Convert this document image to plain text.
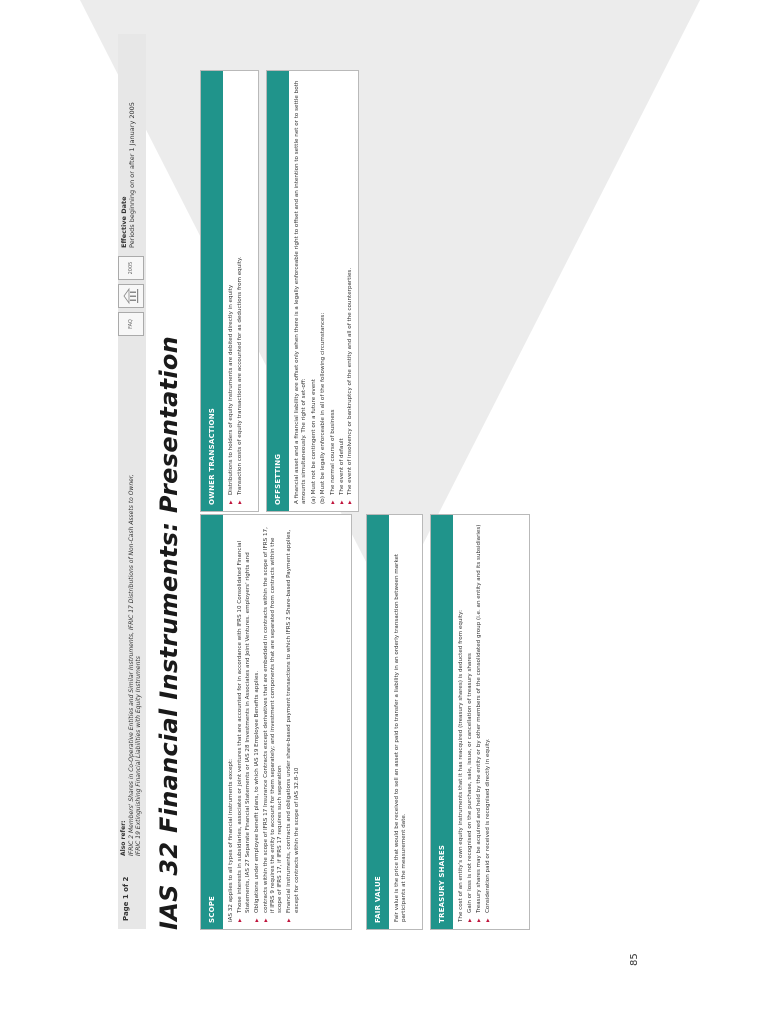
Page 1 of 2
Also refer: IFRIC 2 Members' Shares in Co-Operative Entities and Similar Instruments, IFRIC 17 Distributions of Non-Cash Assets to Owner, IFRIC 19 Extinguishing Financial Liabilities with Equity Instruments
FAQ
2005
Effective Date Periods beginning on or after 1 January 2005
IAS 32 Financial Instruments: Presentation	SCOPE	IAS 32 applies to all types of financial instruments except: ▶ Those interests in subsidiaries, associates or joint ventures that are accounted for in accordance with IFRS 10 Consolidated Financial Statements, IAS 27 Separate Financial Statements or IAS 28 Investments in Associates and Joint Ventures. employers' rights and ▶ Obligations under employee benefit plans, to which IAS 19 Employee Benefits applies. ▶ contracts within the scope of IFRS 17 Insurance Contracts except derivatives that are embedded in contracts within the scope of IFRS 17, if IFRS 9 requires the entity to account for them separately; and investment components that are separated from contracts within the scope of IFRS 17, if IFRS 17 requires such separation ▶ Financial instruments, contracts and obligations under share-based payment transactions to which IFRS 2 Share-based Payment applies, except for contracts within the scope of IAS 32.8-10	FAIR VALUE	Fair value is the price that would be received to sell an asset or paid to transfer a liability in an orderly transaction between market participants at the measurement date.	TREASURY SHARES	The cost of an entity's own equity instruments that it has reacquired (treasury shares) is deducted from equity: ▶ Gain or loss is not recognised on the purchase, sale, issue, or cancellation of treasury shares ▶ Treasury shares may be acquired and held by the entity or by other members of the consolidated group (i.e. an entity and its subsidiaries) ▶ Consideration paid or received is recognised directly in equity.
OWNER TRANSACTIONS	▶ Distributions to holders of equity instruments are debited directly in equity ▶ Transaction costs of equity transactions are accounted for as deductions from equity.	OFFSETTING	A financial asset and a financial liability are offset only when there is a legally enforceable right to offset and an intention to settle net or to settle both amounts simultaneously. The right of set-off: (a) Must not be contingent on a future event (b) Must be legally enforceable in all of the following circumstances: ▶ The normal course of business ▶ The event of default ▶ The event of insolvency or bankruptcy of the entity and all of the counterparties.
85
